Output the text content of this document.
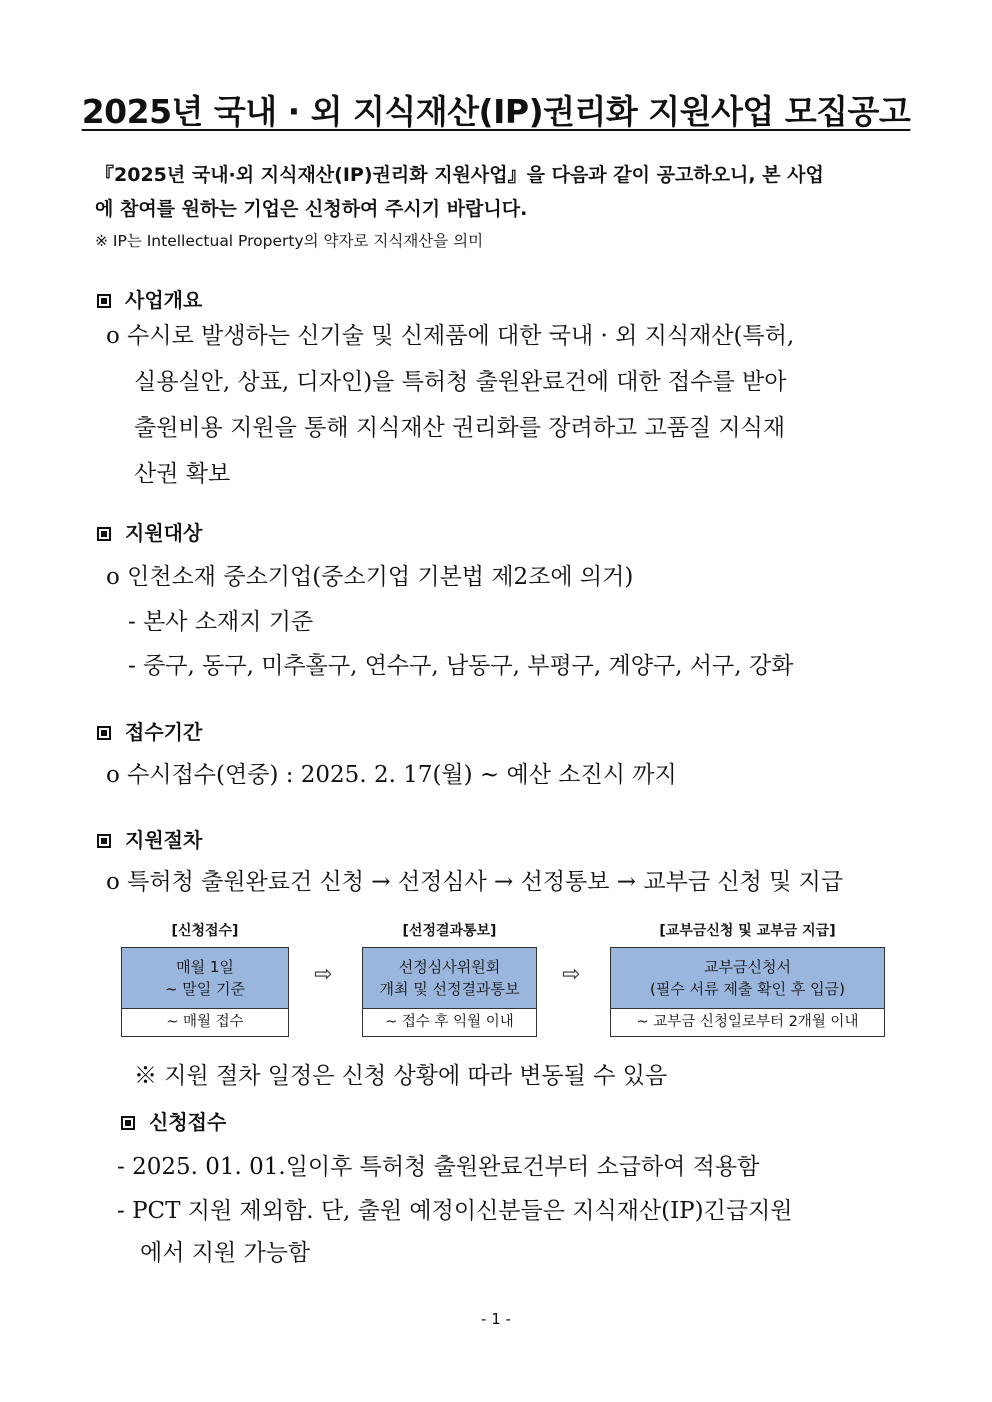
2025년 국내 · 외 지식재산(IP)권리화 지원사업 모집공고
『2025년 국내·외 지식재산(IP)권리화 지원사업』을 다음과 같이 공고하오니, 본 사업
에 참여를 원하는 기업은 신청하여 주시기 바랍니다.
※ IP는 Intellectual Property의 약자로 지식재산을 의미
사업개요
o 수시로 발생하는 신기술 및 신제품에 대한 국내 · 외 지식재산(특허,
실용실안, 상표, 디자인)을 특허청 출원완료건에 대한 접수를 받아
출원비용 지원을 통해 지식재산 권리화를 장려하고 고품질 지식재
산권 확보
지원대상
o 인천소재 중소기업(중소기업 기본법 제2조에 의거)
- 본사 소재지 기준
- 중구, 동구, 미추홀구, 연수구, 남동구, 부평구, 계양구, 서구, 강화
접수기간
o 수시접수(연중) : 2025. 2. 17(월) ~ 예산 소진시 까지
지원절차
o 특허청 출원완료건 신청 → 선정심사 → 선정통보 → 교부금 신청 및 지급
[신청접수]
매월 1일
~ 말일 기준
~ 매월 접수
⇨
[선정결과통보]
선정심사위원회
개최 및 선정결과통보
~ 접수 후 익월 이내
⇨
[교부금신청 및 교부금 지급]
교부금신청서
(필수 서류 제출 확인 후 입금)
~ 교부금 신청일로부터 2개월 이내
※ 지원 절차 일정은 신청 상황에 따라 변동될 수 있음
신청접수
- 2025. 01. 01.일이후 특허청 출원완료건부터 소급하여 적용함
- PCT 지원 제외함. 단, 출원 예정이신분들은 지식재산(IP)긴급지원
에서 지원 가능함
- 1 -
